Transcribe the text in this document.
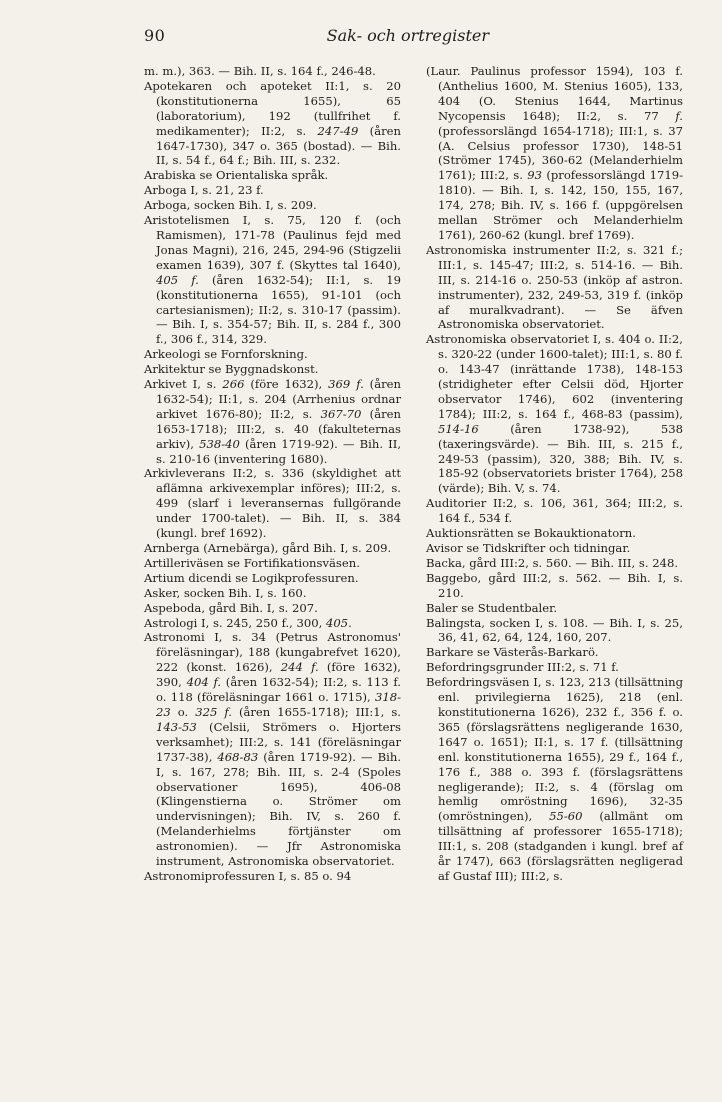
90	Sak- och ortregister

m. m.), 363. — Bih. II, s. 164 f., 246-48.

Apotekaren och apoteket II:1, s. 20 (konstitutionerna 1655), 65 (laboratorium), 192 (tullfrihet f. medikamenter); II:2, s. 247-49 (åren 1647-1730), 347 o. 365 (bostad). — Bih. II, s. 54 f., 64 f.; Bih. III, s. 232.

Arabiska se Orientaliska språk.

Arboga I, s. 21, 23 f.

Arboga, socken Bih. I, s. 209.

Aristotelismen I, s. 75, 120 f. (och Ramismen), 171-78 (Paulinus fejd med Jonas Magni), 216, 245, 294-96 (Stigzelii examen 1639), 307 f. (Skyttes tal 1640), 405 f. (åren 1632-54); II:1, s. 19 (konstitutionerna 1655), 91-101 (och cartesianismen); II:2, s. 310-17 (passim). — Bih. I, s. 354-57; Bih. II, s. 284 f., 300 f., 306 f., 314, 329.

Arkeologi se Fornforskning.

Arkitektur se Byggnadskonst.

Arkivet I, s. 266 (före 1632), 369 f. (åren 1632-54); II:1, s. 204 (Arrhenius ordnar arkivet 1676-80); II:2, s. 367-70 (åren 1653-1718); III:2, s. 40 (fakulteternas arkiv), 538-40 (åren 1719-92). — Bih. II, s. 210-16 (inventering 1680).

Arkivleverans II:2, s. 336 (skyldighet att aflämna arkivexemplar införes); III:2, s. 499 (slarf i leveransernas fullgörande under 1700-talet). — Bih. II, s. 384 (kungl. bref 1692).

Arnberga (Arnebärga), gård Bih. I, s. 209.

Artilleriväsen se Fortifikationsväsen.

Artium dicendi se Logikprofessuren.

Asker, socken Bih. I, s. 160.

Aspeboda, gård Bih. I, s. 207.

Astrologi I, s. 245, 250 f., 300, 405.

Astronomi I, s. 34 (Petrus Astronomus' föreläsningar), 188 (kungabrefvet 1620), 222 (konst. 1626), 244 f. (före 1632), 390, 404 f. (åren 1632-54); II:2, s. 113 f. o. 118 (föreläsningar 1661 o. 1715), 318-23 o. 325 f. (åren 1655-1718); III:1, s. 143-53 (Celsii, Strömers o. Hjorters verksamhet); III:2, s. 141 (föreläsningar 1737-38), 468-83 (åren 1719-92). — Bih. I, s. 167, 278; Bih. III, s. 2-4 (Spoles observationer 1695), 406-08 (Klingenstierna o. Strömer om undervisningen); Bih. IV, s. 260 f. (Melanderhielms förtjänster om astronomien). — Jfr Astronomiska instrument, Astronomiska observatoriet.

Astronomiprofessuren I, s. 85 o. 94

(Laur. Paulinus professor 1594), 103 f. (Anthelius 1600, M. Stenius 1605), 133, 404 (O. Stenius 1644, Martinus Nycopensis 1648); II:2, s. 77 f. (professorslängd 1654-1718); III:1, s. 37 (A. Celsius professor 1730), 148-51 (Strömer 1745), 360-62 (Melanderhielm 1761); III:2, s. 93 (professorslängd 1719-1810). — Bih. I, s. 142, 150, 155, 167, 174, 278; Bih. IV, s. 166 f. (uppgörelsen mellan Strömer och Melanderhielm 1761), 260-62 (kungl. bref 1769).

Astronomiska instrumenter II:2, s. 321 f.; III:1, s. 145-47; III:2, s. 514-16. — Bih. III, s. 214-16 o. 250-53 (inköp af astron. instrumenter), 232, 249-53, 319 f. (inköp af muralkvadrant). — Se äfven Astronomiska observatoriet.

Astronomiska observatoriet I, s. 404 o. II:2, s. 320-22 (under 1600-talet); III:1, s. 80 f. o. 143-47 (inrättande 1738), 148-153 (stridigheter efter Celsii död, Hjorter observator 1746), 602 (inventering 1784); III:2, s. 164 f., 468-83 (passim), 514-16 (åren 1738-92), 538 (taxeringsvärde). — Bih. III, s. 215 f., 249-53 (passim), 320, 388; Bih. IV, s. 185-92 (observatoriets brister 1764), 258 (värde); Bih. V, s. 74.

Auditorier II:2, s. 106, 361, 364; III:2, s. 164 f., 534 f.

Auktionsrätten se Bokauktionatorn.

Avisor se Tidskrifter och tidningar.

Backa, gård III:2, s. 560. — Bih. III, s. 248.

Baggebo, gård III:2, s. 562. — Bih. I, s. 210.

Baler se Studentbaler.

Balingsta, socken I, s. 108. — Bih. I, s. 25, 36, 41, 62, 64, 124, 160, 207.

Barkare se Västerås-Barkarö.

Befordringsgrunder III:2, s. 71 f.

Befordringsväsen I, s. 123, 213 (tillsättning enl. privilegierna 1625), 218 (enl. konstitutionerna 1626), 232 f., 356 f. o. 365 (förslagsrättens negligerande 1630, 1647 o. 1651); II:1, s. 17 f. (tillsättning enl. konstitutionerna 1655), 29 f., 164 f., 176 f., 388 o. 393 f. (förslagsrättens negligerande); II:2, s. 4 (förslag om hemlig omröstning 1696), 32-35 (omröstningen), 55-60 (allmänt om tillsättning af professorer 1655-1718); III:1, s. 208 (stadganden i kungl. bref af år 1747), 663 (förslagsrätten negligerad af Gustaf III); III:2, s.
